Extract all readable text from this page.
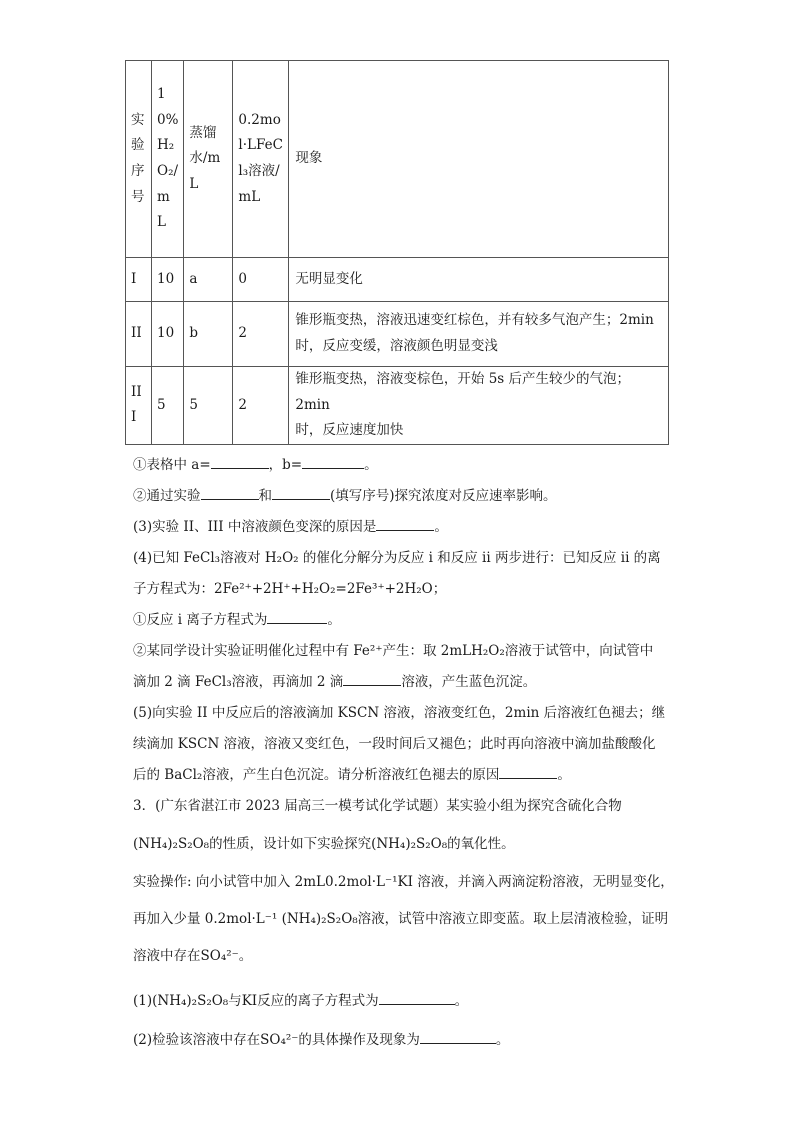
实验序号	10%H₂O₂/mL	蒸馏水/mL	0.2mol·LFeCl₃溶液/mL	现象
I	10	a	0	无明显变化
II	10	b	2	锥形瓶变热，溶液迅速变红棕色，并有较多气泡产生；2min
时，反应变缓，溶液颜色明显变浅

III	5	5	2	锥形瓶变热，溶液变棕色，开始 5s 后产生较少的气泡；2min
时，反应速度加快
①表格中 a=	，b=	。
②通过实验	和	(填写序号)探究浓度对反应速率影响。
(3)实验 II、III 中溶液颜色变深的原因是	。
(4)已知 FeCl₃溶液对 H₂O₂ 的催化分解分为反应 i 和反应 ii 两步进行：已知反应 ii 的离
子方程式为：2Fe²⁺+2H⁺+H₂O₂=2Fe³⁺+2H₂O；
①反应 i 离子方程式为	。
②某同学设计实验证明催化过程中有 Fe²⁺产生：取 2mLH₂O₂溶液于试管中，向试管中
滴加 2 滴 FeCl₃溶液，再滴加 2 滴	溶液，产生蓝色沉淀。
(5)向实验 II 中反应后的溶液滴加 KSCN 溶液，溶液变红色，2min 后溶液红色褪去；继
续滴加 KSCN 溶液，溶液又变红色，一段时间后又褪色；此时再向溶液中滴加盐酸酸化
后的 BaCl₂溶液，产生白色沉淀。请分析溶液红色褪去的原因	。
3．(广东省湛江市 2023 届高三一模考试化学试题）某实验小组为探究含硫化合物
(NH₄)₂S₂O₈的性质，设计如下实验探究(NH₄)₂S₂O₈的氧化性。
实验操作: 向小试管中加入 2mL0.2mol·L⁻¹KI 溶液，并滴入两滴淀粉溶液，无明显变化，
再加入少量 0.2mol·L⁻¹ (NH₄)₂S₂O₈溶液，试管中溶液立即变蓝。取上层清液检验，证明
溶液中存在SO₄²⁻。
(1)(NH₄)₂S₂O₈与KI反应的离子方程式为	。
(2)检验该溶液中存在SO₄²⁻的具体操作及现象为	。
